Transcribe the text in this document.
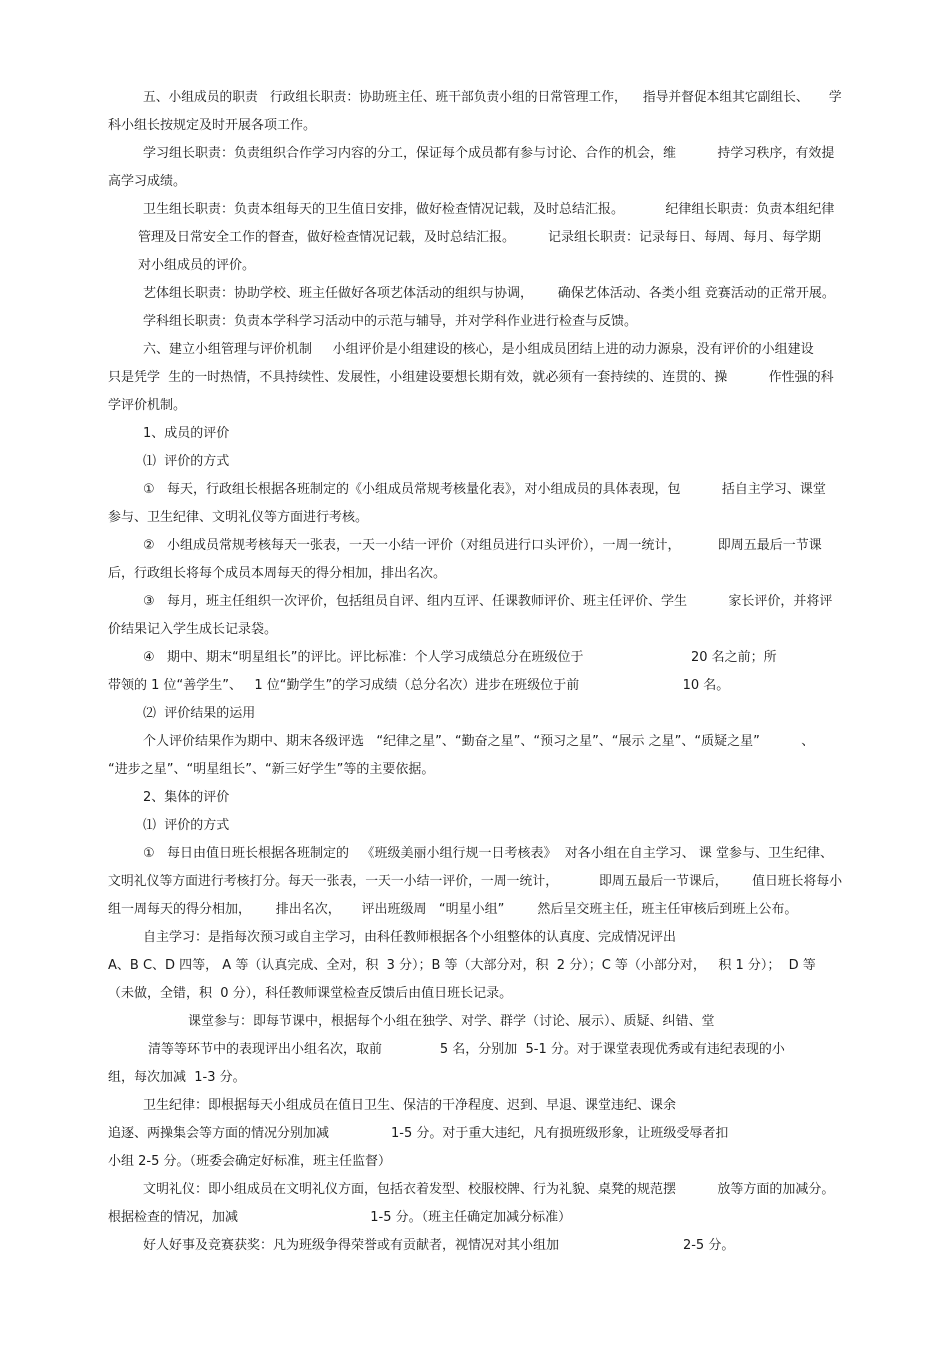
五、小组成员的职责   行政组长职责：协助班主任、班干部负责小组的日常管理工作，    指导并督促本组其它副组长、     学
科小组长按规定及时开展各项工作。
学习组长职责：负责组织合作学习内容的分工，保证每个成员都有参与讨论、合作的机会，维          持学习秩序，有效提
高学习成绩。
卫生组长职责：负责本组每天的卫生值日安排，做好检查情况记载，及时总结汇报。          纪律组长职责：负责本组纪律
管理及日常安全工作的督查，做好检查情况记载，及时总结汇报。        记录组长职责：记录每日、每周、每月、每学期
对小组成员的评价。
艺体组长职责：协助学校、班主任做好各项艺体活动的组织与协调，      确保艺体活动、各类小组 竞赛活动的正常开展。
学科组长职责：负责本学科学习活动中的示范与辅导，并对学科作业进行检查与反馈。
六、建立小组管理与评价机制     小组评价是小组建设的核心，是小组成员团结上进的动力源泉，没有评价的小组建设
只是凭学  生的一时热情，不具持续性、发展性，小组建设要想长期有效，就必须有一套持续的、连贯的、操          作性强的科
学评价机制。
1、成员的评价
⑴  评价的方式
①   每天，行政组长根据各班制定的《小组成员常规考核量化表》，对小组成员的具体表现，包          括自主学习、课堂
参与、卫生纪律、文明礼仪等方面进行考核。
②   小组成员常规考核每天一张表，一天一小结一评价（对组员进行口头评价），一周一统计，         即周五最后一节课
后，行政组长将每个成员本周每天的得分相加，排出名次。
③   每月，班主任组织一次评价，包括组员自评、组内互评、任课教师评价、班主任评价、学生          家长评价，并将评
价结果记入学生成长记录袋。
④   期中、期末“明星组长”的评比。评比标准：个人学习成绩总分在班级位于                          20 名之前；所
带领的 1 位“善学生”、   1 位“勤学生”的学习成绩（总分名次）进步在班级位于前                         10 名。
⑵  评价结果的运用
个人评价结果作为期中、期末各级评选   “纪律之星”、“勤奋之星”、“预习之星”、“展示 之星”、“质疑之星”          、
“进步之星”、“明星组长”、“新三好学生”等的主要依据。
2、集体的评价
⑴  评价的方式
①   每日由值日班长根据各班制定的   《班级美丽小组行规一日考核表》  对各小组在自主学习、 课 堂参与、卫生纪律、
文明礼仪等方面进行考核打分。每天一张表，一天一小结一评价，一周一统计，          即周五最后一节课后，      值日班长将每小
组一周每天的得分相加，      排出名次，     评出班级周   “明星小组”        然后呈交班主任，班主任审核后到班上公布。
自主学习：是指每次预习或自主学习，由科任教师根据各个小组整体的认真度、完成情况评出
A、B C、D 四等， A 等（认真完成、全对，积  3 分）；B 等（大部分对，积  2 分）；C 等（小部分对，   积 1 分）；  D 等
（未做，全错，积  0 分），科任教师课堂检查反馈后由值日班长记录。
课堂参与：即每节课中，根据每个小组在独学、对学、群学（讨论、展示）、质疑、纠错、堂
清等等环节中的表现评出小组名次，取前              5 名，分别加  5-1 分。对于课堂表现优秀或有违纪表现的小
组，每次加减  1-3 分。
卫生纪律：即根据每天小组成员在值日卫生、保洁的干净程度、迟到、早退、课堂违纪、课余
追逐、两操集会等方面的情况分别加减               1-5 分。对于重大违纪，凡有损班级形象，让班级受辱者扣
小组 2-5 分。（班委会确定好标准，班主任监督）
文明礼仪：即小组成员在文明礼仪方面，包括衣着发型、校服校牌、行为礼貌、桌凳的规范摆          放等方面的加减分。
根据检查的情况，加减                                1-5 分。（班主任确定加减分标准）
好人好事及竞赛获奖：凡为班级争得荣誉或有贡献者，视情况对其小组加                              2-5 分。
